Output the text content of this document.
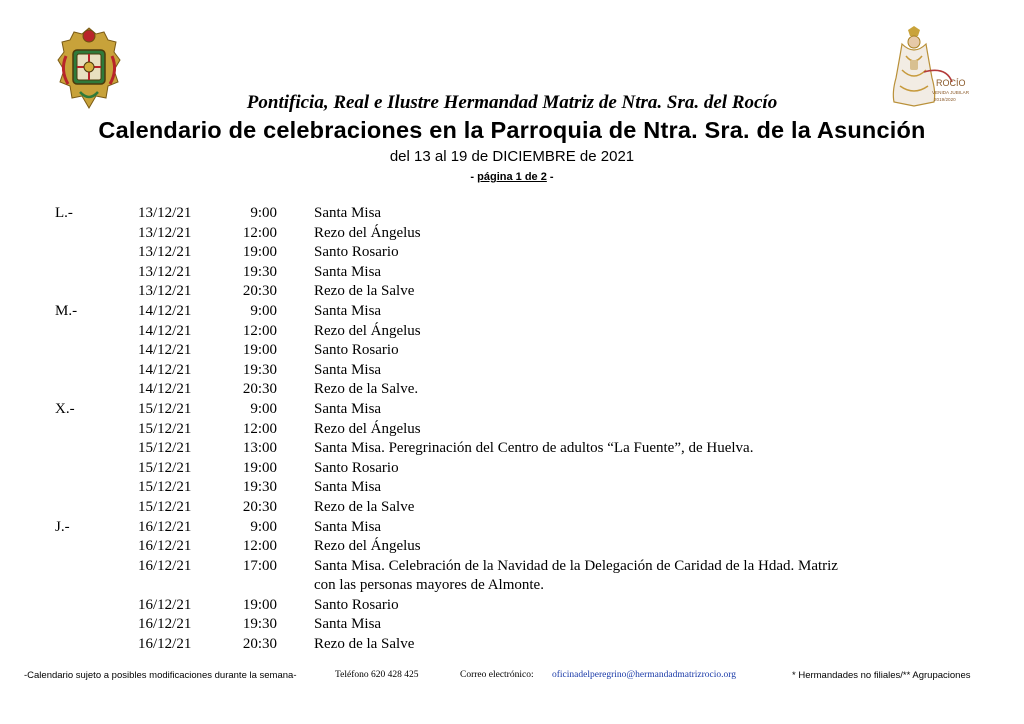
ROCÍO
VENIDA JUBILAR
2019/2020
Pontificia, Real e Ilustre Hermandad Matriz de Ntra. Sra. del Rocío
Calendario de celebraciones en la Parroquia de Ntra. Sra. de la Asunción
del 13 al 19 de DICIEMBRE de 2021
- página 1 de 2 -
L.-	13/12/21	9:00 Santa Misa
13/12/21	12:00 Rezo del Ángelus
13/12/21	19:00 Santo Rosario
13/12/21	19:30 Santa Misa
13/12/21	20:30 Rezo de la Salve
M.-	14/12/21	9:00 Santa Misa
14/12/21	12:00 Rezo del Ángelus
14/12/21	19:00 Santo Rosario
14/12/21	19:30 Santa Misa
14/12/21	20:30 Rezo de la Salve.
X.-	15/12/21	9:00 Santa Misa
15/12/21	12:00 Rezo del Ángelus
15/12/21	13:00 Santa Misa. Peregrinación del Centro de adultos “La Fuente”, de Huelva.
15/12/21	19:00 Santo Rosario
15/12/21	19:30 Santa Misa
15/12/21	20:30 Rezo de la Salve
J.-	16/12/21	9:00 Santa Misa
16/12/21	12:00 Rezo del Ángelus
16/12/21	17:00 Santa Misa. Celebración de la Navidad de la Delegación de Caridad de la Hdad. Matriz
con las personas mayores de Almonte.
16/12/21	19:00 Santo Rosario
16/12/21	19:30 Santa Misa
16/12/21	20:30 Rezo de la Salve
-Calendario sujeto a posibles modificaciones durante la semana-	Teléfono 620 428 425	Correo electrónico: oficinadelperegrino@hermandadmatrizrocio.org	* Hermandades no filiales/** Agrupaciones
